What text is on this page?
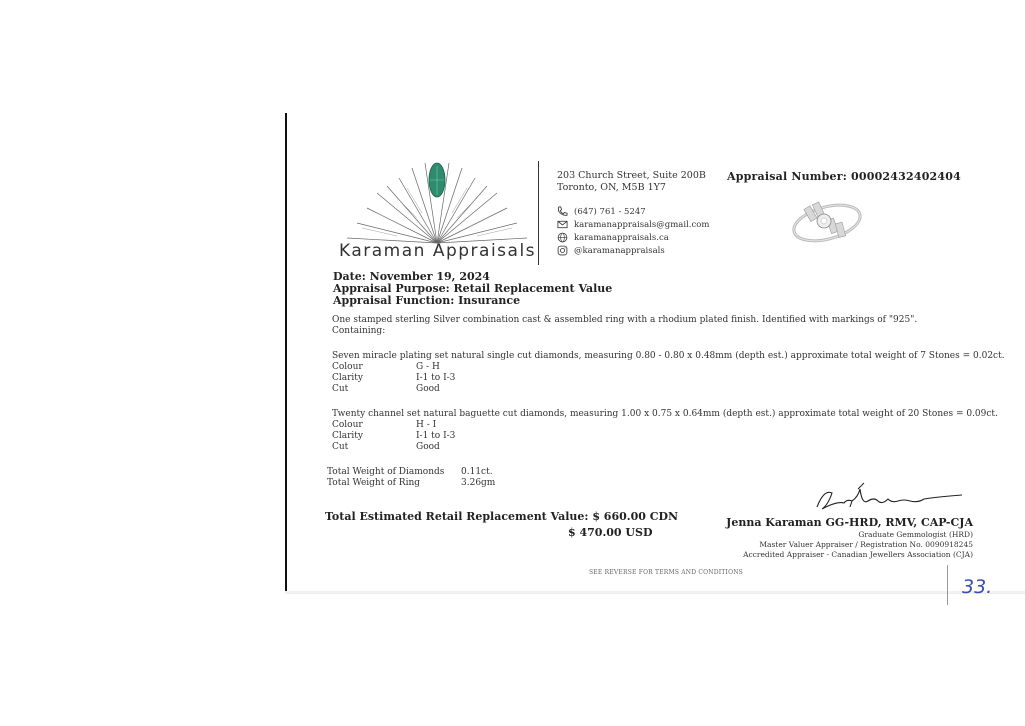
Karaman Appraisals
203 Church Street, Suite 200B
Toronto, ON, M5B 1Y7
(647) 761 - 5247
karamanappraisals@gmail.com
karamanappraisals.ca
@karamanappraisals
Appraisal Number: 00002432402404
Date: November 19, 2024
Appraisal Purpose: Retail Replacement Value
Appraisal Function: Insurance
One stamped sterling Silver combination cast & assembled ring with a rhodium plated finish. Identified with markings of "925".
Containing:
Seven miracle plating set natural single cut diamonds, measuring 0.80 - 0.80 x 0.48mm (depth est.) approximate total weight of 7 Stones = 0.02ct.
Colour	G - H
Clarity	I-1 to I-3
Cut	Good
Twenty channel set natural baguette cut diamonds, measuring 1.00 x 0.75 x 0.64mm (depth est.) approximate total weight of 20 Stones = 0.09ct.
Colour	H - I
Clarity	I-1 to I-3
Cut	Good
Total Weight of Diamonds 0.11ct.
Total Weight of Ring	3.26gm
Total Estimated Retail Replacement Value: $ 660.00 CDN
$ 470.00 USD
Jenna Karaman GG-HRD, RMV, CAP-CJA
Graduate Gemmologist (HRD)
Master Valuer Appraiser / Registration No. 0090918245
Accredited Appraiser - Canadian Jewellers Association (CJA)
SEE REVERSE FOR TERMS AND CONDITIONS
33.
